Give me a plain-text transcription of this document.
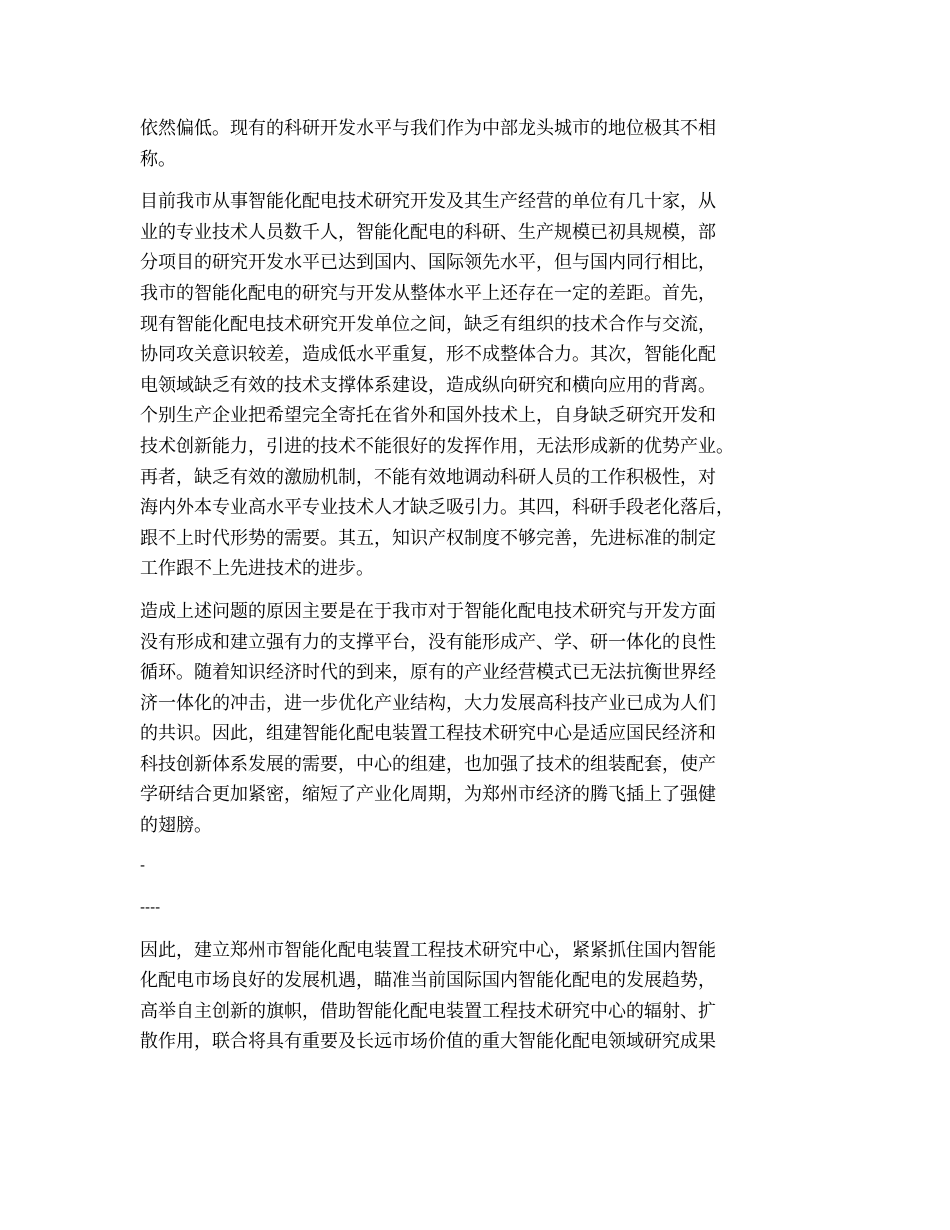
依然偏低。现有的科研开发水平与我们作为中部龙头城市的地位极其不相
称。

目前我市从事智能化配电技术研究开发及其生产经营的单位有几十家，从
业的专业技术人员数千人，智能化配电的科研、生产规模已初具规模，部
分项目的研究开发水平已达到国内、国际领先水平，但与国内同行相比，
我市的智能化配电的研究与开发从整体水平上还存在一定的差距。首先，
现有智能化配电技术研究开发单位之间，缺乏有组织的技术合作与交流，
协同攻关意识较差，造成低水平重复，形不成整体合力。其次，智能化配
电领域缺乏有效的技术支撑体系建设，造成纵向研究和横向应用的背离。
个别生产企业把希望完全寄托在省外和国外技术上，自身缺乏研究开发和
技术创新能力，引进的技术不能很好的发挥作用，无法形成新的优势产业。
再者，缺乏有效的激励机制，不能有效地调动科研人员的工作积极性，对
海内外本专业高水平专业技术人才缺乏吸引力。其四，科研手段老化落后，
跟不上时代形势的需要。其五，知识产权制度不够完善，先进标准的制定
工作跟不上先进技术的进步。

造成上述问题的原因主要是在于我市对于智能化配电技术研究与开发方面
没有形成和建立强有力的支撑平台，没有能形成产、学、研一体化的良性
循环。随着知识经济时代的到来，原有的产业经营模式已无法抗衡世界经
济一体化的冲击，进一步优化产业结构，大力发展高科技产业已成为人们
的共识。因此，组建智能化配电装置工程技术研究中心是适应国民经济和
科技创新体系发展的需要，中心的组建，也加强了技术的组装配套，使产
学研结合更加紧密，缩短了产业化周期，为郑州市经济的腾飞插上了强健
的翅膀。

-

----

因此，建立郑州市智能化配电装置工程技术研究中心，紧紧抓住国内智能
化配电市场良好的发展机遇，瞄准当前国际国内智能化配电的发展趋势，
高举自主创新的旗帜，借助智能化配电装置工程技术研究中心的辐射、扩
散作用，联合将具有重要及长远市场价值的重大智能化配电领域研究成果
